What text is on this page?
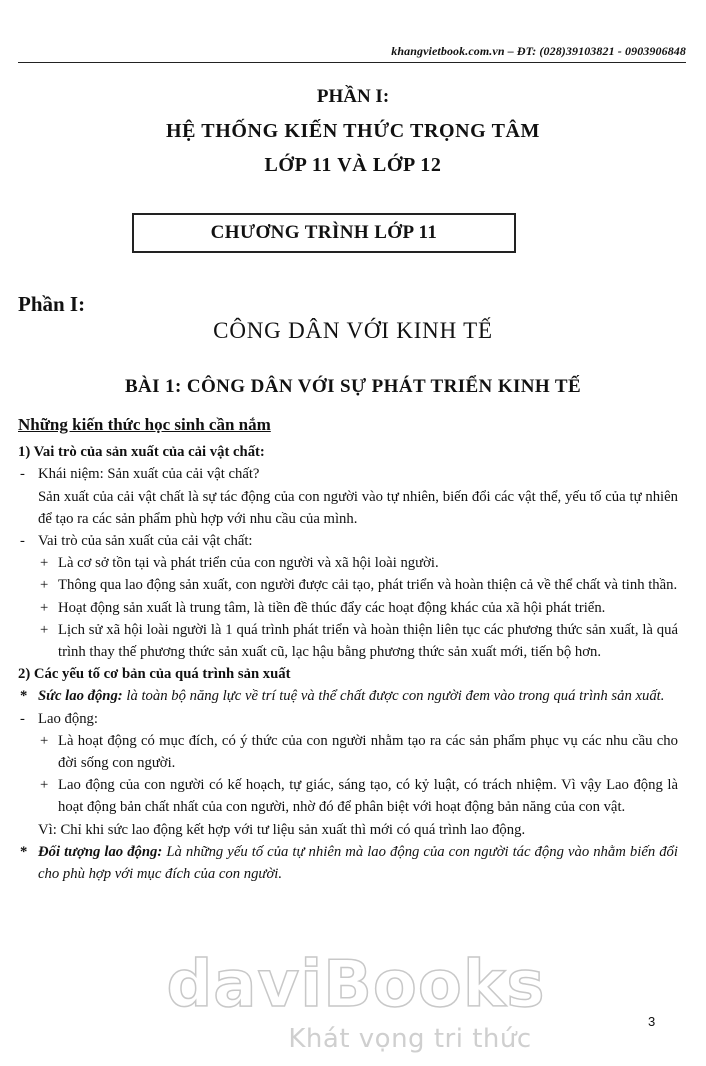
khangvietbook.com.vn – ĐT: (028)39103821 - 0903906848
PHẦN I:
HỆ THỐNG KIẾN THỨC TRỌNG TÂM
LỚP 11 VÀ LỚP 12
CHƯƠNG TRÌNH LỚP 11
Phần I:
CÔNG DÂN VỚI KINH TẾ
BÀI 1: CÔNG DÂN VỚI SỰ PHÁT TRIỂN KINH TẾ
Những kiến thức học sinh cần nắm
1) Vai trò của sản xuất của cải vật chất:
- Khái niệm: Sản xuất của cải vật chất?
Sản xuất của cải vật chất là sự tác động của con người vào tự nhiên, biến đổi các vật thể, yếu tố của tự nhiên để tạo ra các sản phẩm phù hợp với nhu cầu của mình.
- Vai trò của sản xuất của cải vật chất:
+ Là cơ sở tồn tại và phát triển của con người và xã hội loài người.
+ Thông qua lao động sản xuất, con người được cải tạo, phát triển và hoàn thiện cả về thể chất và tinh thần.
+ Hoạt động sản xuất là trung tâm, là tiền đề thúc đẩy các hoạt động khác của xã hội phát triển.
+ Lịch sử xã hội loài người là 1 quá trình phát triển và hoàn thiện liên tục các phương thức sản xuất, là quá trình thay thế phương thức sản xuất cũ, lạc hậu bằng phương thức sản xuất mới, tiến bộ hơn.
2) Các yếu tố cơ bản của quá trình sản xuất
* Sức lao động: là toàn bộ năng lực về trí tuệ và thể chất được con người đem vào trong quá trình sản xuất.
- Lao động:
+ Là hoạt động có mục đích, có ý thức của con người nhằm tạo ra các sản phẩm phục vụ các nhu cầu cho đời sống con người.
+ Lao động của con người có kế hoạch, tự giác, sáng tạo, có kỷ luật, có trách nhiệm. Vì vậy Lao động là hoạt động bản chất nhất của con người, nhờ đó để phân biệt với hoạt động bản năng của con vật.
Vì: Chỉ khi sức lao động kết hợp với tư liệu sản xuất thì mới có quá trình lao động.
* Đối tượng lao động: Là những yếu tố của tự nhiên mà lao động của con người tác động vào nhằm biến đổi cho phù hợp với mục đích của con người.
daviBooks
Khát vọng tri thức
3
